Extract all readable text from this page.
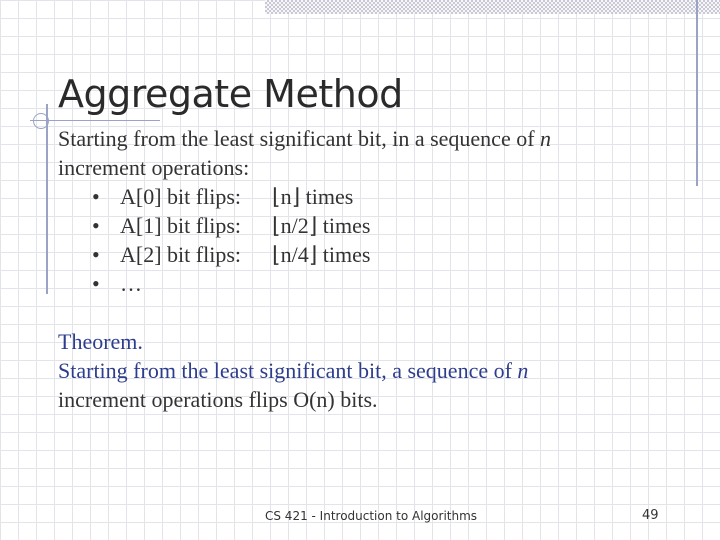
Aggregate Method

Starting from the least significant bit, in a sequence of n

increment operations:

• A[0] bit flips: ⌊n⌋ times
• A[1] bit flips: ⌊n/2⌋ times
• A[2] bit flips: ⌊n/4⌋ times
• …

Theorem.

Starting from the least significant bit, a sequence of n

increment operations flips O(n) bits.

CS 421 - Introduction to Algorithms	49
